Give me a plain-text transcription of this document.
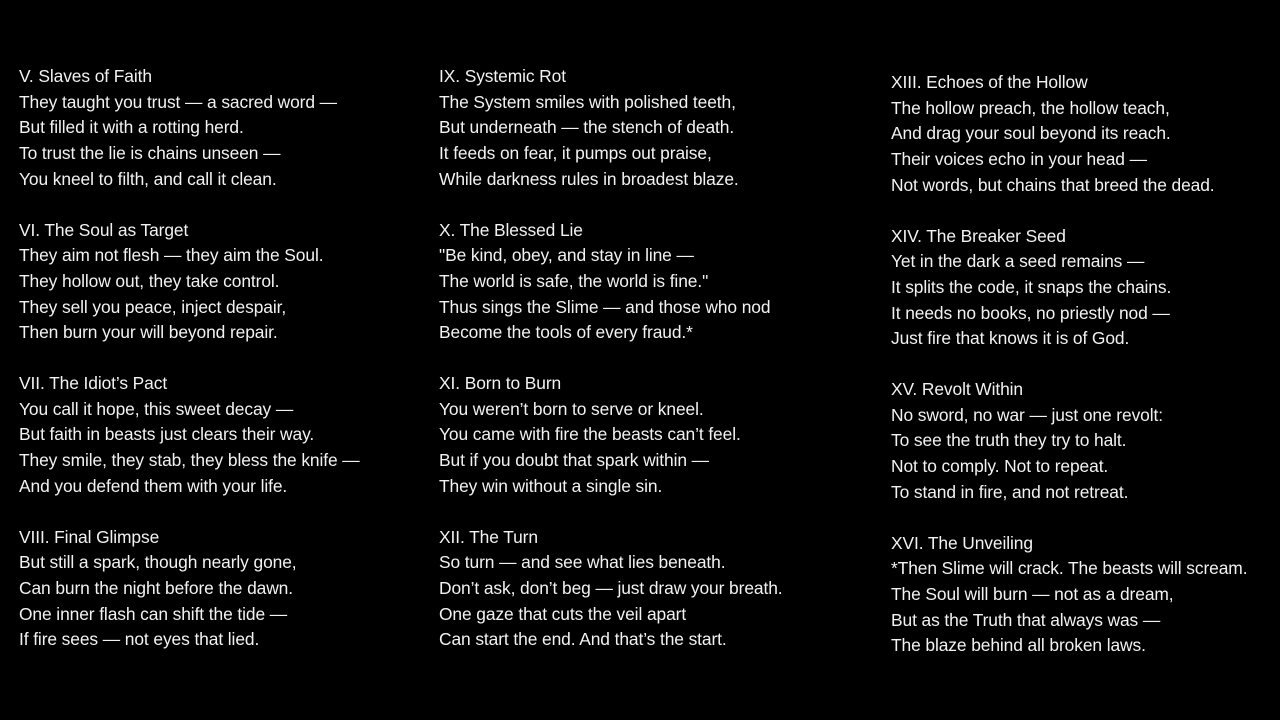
V. Slaves of Faith
They taught you trust — a sacred word —
But filled it with a rotting herd.
To trust the lie is chains unseen —
You kneel to filth, and call it clean.
VI. The Soul as Target
They aim not flesh — they aim the Soul.
They hollow out, they take control.
They sell you peace, inject despair,
Then burn your will beyond repair.
VII. The Idiot’s Pact
You call it hope, this sweet decay —
But faith in beasts just clears their way.
They smile, they stab, they bless the knife —
And you defend them with your life.
VIII. Final Glimpse
But still a spark, though nearly gone,
Can burn the night before the dawn.
One inner flash can shift the tide —
If fire sees — not eyes that lied.
IX. Systemic Rot
The System smiles with polished teeth,
But underneath — the stench of death.
It feeds on fear, it pumps out praise,
While darkness rules in broadest blaze.
X. The Blessed Lie
"Be kind, obey, and stay in line —
The world is safe, the world is fine."
Thus sings the Slime — and those who nod
Become the tools of every fraud.*
XI. Born to Burn
You weren’t born to serve or kneel.
You came with fire the beasts can’t feel.
But if you doubt that spark within —
They win without a single sin.
XII. The Turn
So turn — and see what lies beneath.
Don’t ask, don’t beg — just draw your breath.
One gaze that cuts the veil apart
Can start the end. And that’s the start.
XIII. Echoes of the Hollow
The hollow preach, the hollow teach,
And drag your soul beyond its reach.
Their voices echo in your head —
Not words, but chains that breed the dead.
XIV. The Breaker Seed
Yet in the dark a seed remains —
It splits the code, it snaps the chains.
It needs no books, no priestly nod —
Just fire that knows it is of God.
XV. Revolt Within
No sword, no war — just one revolt:
To see the truth they try to halt.
Not to comply. Not to repeat.
To stand in fire, and not retreat.
XVI. The Unveiling
*Then Slime will crack. The beasts will scream.
The Soul will burn — not as a dream,
But as the Truth that always was —
The blaze behind all broken laws.
